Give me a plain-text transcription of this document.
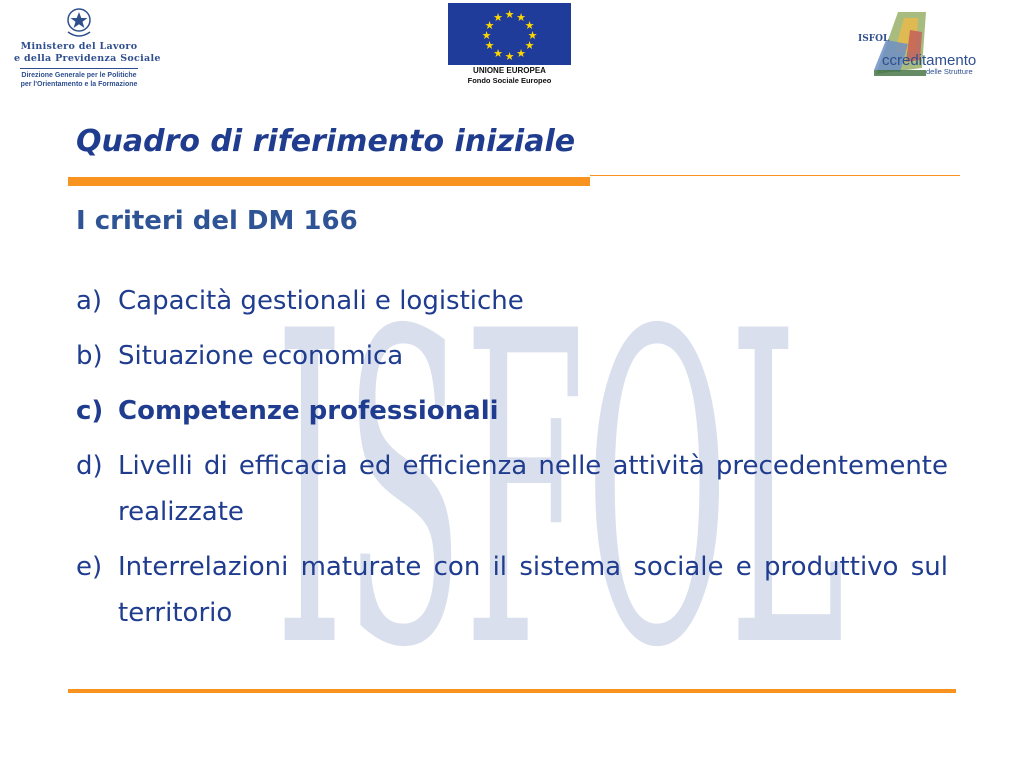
Ministero del Lavoro
e della Previdenza Sociale
Direzione Generale per le Politiche
per l'Orientamento e la Formazione
★ ★
★
★
★
★
★
★
★
★
★
★
UNIONE EUROPEA
Fondo Sociale Europeo
ISFOL
ccreditamento
delle Strutture
ISFOL
Quadro di riferimento iniziale
I criteri del DM 166
a) Capacità gestionali e logistiche
b) Situazione economica
c) Competenze professionali
d) Livelli di efficacia ed efficienza nelle attività precedentemente realizzate
e) Interrelazioni maturate con il sistema sociale e produttivo sul territorio
